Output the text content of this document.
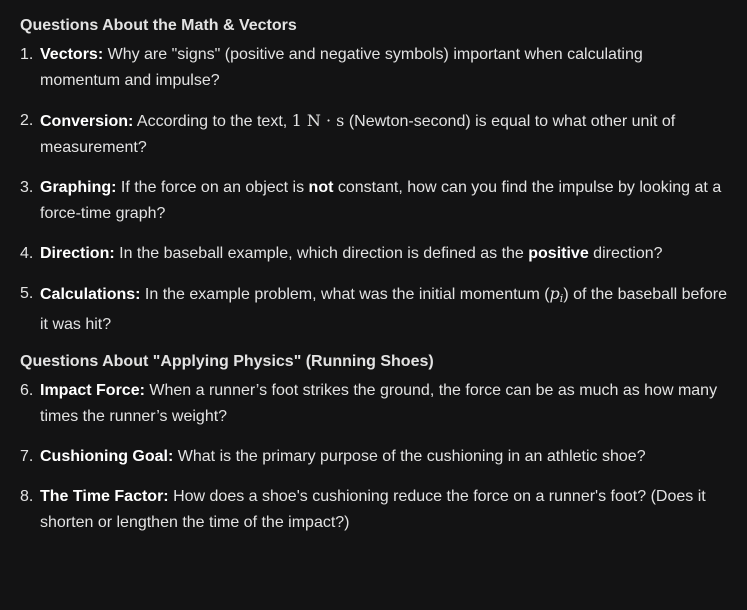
Questions About the Math & Vectors
1. Vectors: Why are "signs" (positive and negative symbols) important when calculating momentum and impulse?
2. Conversion: According to the text, 1 N · s (Newton-second) is equal to what other unit of measurement?
3. Graphing: If the force on an object is not constant, how can you find the impulse by looking at a force-time graph?
4. Direction: In the baseball example, which direction is defined as the positive direction?
5. Calculations: In the example problem, what was the initial momentum $(p_i)$ of the baseball before it was hit?
Questions About "Applying Physics" (Running Shoes)
6. Impact Force: When a runner’s foot strikes the ground, the force can be as much as how many times the runner’s weight?
7. Cushioning Goal: What is the primary purpose of the cushioning in an athletic shoe?
8. The Time Factor: How does a shoe's cushioning reduce the force on a runner's foot? (Does it shorten or lengthen the time of the impact?)
